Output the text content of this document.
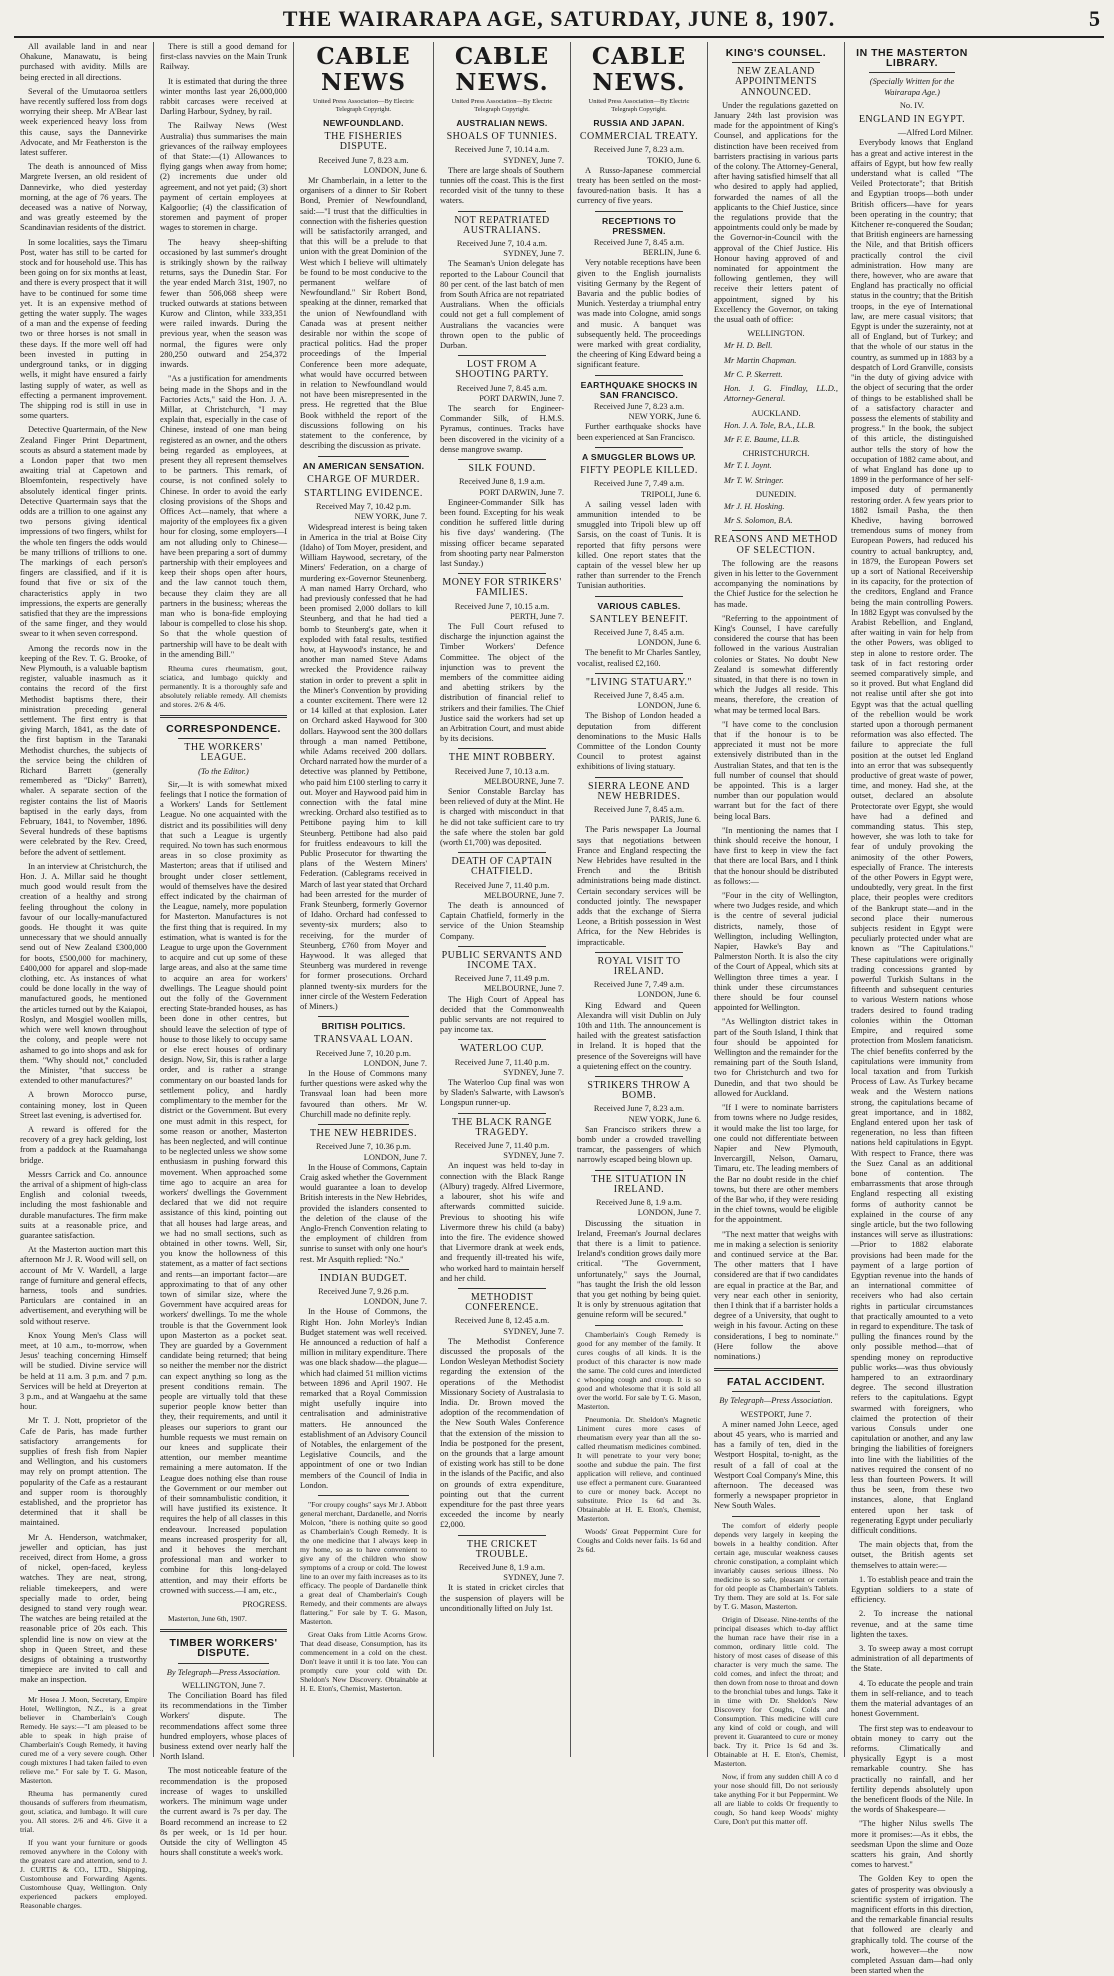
THE WAIRARAPA AGE, SATURDAY, JUNE 8, 1907.	5

All available land in and near Ohakune, Manawatu, is being purchased with avidity. Mills are being erected in all directions.

Several of the Umutaoroa settlers have recently suffered loss from dogs worrying their sheep. Mr A'Bear last week experienced heavy loss from this cause, says the Dannevirke Advocate, and Mr Featherston is the latest sufferer.

The death is announced of Miss Margrete Iversen, an old resident of Dannevirke, who died yesterday morning, at the age of 76 years. The deceased was a native of Norway, and was greatly esteemed by the Scandinavian residents of the district.

In some localities, says the Timaru Post, water has still to be carted for stock and for household use. This has been going on for six months at least, and there is every prospect that it will have to be continued for some time yet. It is an expensive method of getting the water supply. The wages of a man and the expense of feeding two or three horses is not small in these days. If the more well off had been invested in putting in underground tanks, or in digging wells, it might have ensured a fairly lasting supply of water, as well as effecting a permanent improvement. The shipping rod is still in use in some quarters.

Detective Quartermain, of the New Zealand Finger Print Department, scouts as absurd a statement made by a London paper that two men awaiting trial at Capetown and Bloemfontein, respectively have absolutely identical finger prints. Detective Quartermain says that the odds are a trillion to one against any two persons giving identical impressions of two fingers, whilst for the whole ten fingers the odds would be many trillions of trillions to one. The markings of each person's fingers are classified, and if it is found that five or six of the characteristics apply in two impressions, the experts are generally satisfied that they are the impressions of the same finger, and they would swear to it when seven correspond.

Among the records now in the keeping of the Rev. T. G. Brooke, of New Plymouth, is a valuable baptism register, valuable inasmuch as it contains the record of the first Methodist baptisms there, their ministration preceding general settlement. The first entry is that giving March, 1841, as the date of the first baptism in the Taranaki Methodist churches, the subjects of the service being the children of Richard Barrett (generally remembered as "Dicky" Barrett), whaler. A separate section of the register contains the list of Maoris baptised in the early days, from February, 1841, to November, 1896. Several hundreds of these baptisms were celebrated by the Rev. Creed, before the advent of settlement.

In an interview at Christchurch, the Hon. J. A. Millar said he thought much good would result from the creation of a healthy and strong feeling throughout the colony in favour of our locally-manufactured goods. He thought it was quite unnecessary that we should annually send out of New Zealand £300,000 for boots, £500,000 for machinery, £400,000 for apparel and slop-made clothing, etc. As instances of what could be done locally in the way of manufactured goods, he mentioned the articles turned out by the Kaiapoi, Roslyn, and Mosgiel woollen mills, which were well known throughout the colony, and people were not ashamed to go into shops and ask for them. "Why should not," concluded the Minister, "that success be extended to other manufactures?"

A brown Morocco purse, containing money, lost in Queen Street last evening, is advertised for.

A reward is offered for the recovery of a grey hack gelding, lost from a paddock at the Ruamahanga bridge.

Messrs Carrick and Co. announce the arrival of a shipment of high-class English and colonial tweeds, including the most fashionable and durable manufactures. The firm make suits at a reasonable price, and guarantee satisfaction.

At the Masterton auction mart this afternoon Mr J. R. Wood will sell, on account of Mr V. Wardell, a large range of furniture and general effects, harness, tools and sundries. Particulars are contained in an advertisement, and everything will be sold without reserve.

Knox Young Men's Class will meet, at 10 a.m., to-morrow, when Jesus' teaching concerning Himself will be studied. Divine service will be held at 11 a.m. 3 p.m. and 7 p.m. Services will be held at Dreyerton at 3 p.m., and at Wangaehu at the same hour.

Mr T. J. Nott, proprietor of the Cafe de Paris, has made further satisfactory arrangements for supplies of fresh fish from Napier and Wellington, and his customers may rely on prompt attention. The popularity of the Cafe as a restaurant and supper room is thoroughly established, and the proprietor has determined that it shall be maintained.

Mr A. Henderson, watchmaker, jeweller and optician, has just received, direct from Home, a gross of nickel, open-faced, keyless watches. They are neat, strong, reliable timekeepers, and were specially made to order, being designed to stand very rough wear. The watches are being retailed at the reasonable price of 20s each. This splendid line is now on view at the shop in Queen Street, and these designs of obtaining a trustworthy timepiece are invited to call and make an inspection.

Mr Hosea J. Moon, Secretary, Empire Hotel, Wellington, N.Z., is a great believer in Chamberlain's Cough Remedy. He says:—"I am pleased to be able to speak in high praise of Chamberlain's Cough Remedy, it having cured me of a very severe cough. Other cough mixtures I had taken failed to even relieve me." For sale by T. G. Mason, Masterton.

Rheuma has permanently cured thousands of sufferers from rheumatism, gout, sciatica, and lumbago. It will cure you. All stores. 2/6 and 4/6. Give it a trial.

If you want your furniture or goods removed anywhere in the Colony with the greatest care and attention, send to J. J. CURTIS & CO., LTD., Shipping, Customhouse and Forwarding Agents. Customhouse Quay, Wellington. Only experienced packers employed. Reasonable charges.

There is still a good demand for first-class navvies on the Main Trunk Railway.

It is estimated that during the three winter months last year 26,000,000 rabbit carcases were received at Darling Harbour, Sydney, by rail.

The Railway News (West Australia) thus summarises the main grievances of the railway employees of that State:—(1) Allowances to flying gangs when away from home; (2) increments due under old agreement, and not yet paid; (3) short payment of certain employees at Kalgoorlie; (4) the classification of storemen and payment of proper wages to storemen in charge.

The heavy sheep-shifting occasioned by last summer's drought is strikingly shown by the railway returns, says the Dunedin Star. For the year ended March 31st, 1907, no fewer than 506,068 sheep were trucked outwards at stations between Kurow and Clinton, while 333,351 were railed inwards. During the previous year, when the season was normal, the figures were only 280,250 outward and 254,372 inwards.

"As a justification for amendments being made in the Shops and in the Factories Acts," said the Hon. J. A. Millar, at Christchurch, "I may explain that, especially in the case of Chinese, instead of one man being registered as an owner, and the others being regarded as employees, at present they all represent themselves to be partners. This remark, of course, is not confined solely to Chinese. In order to avoid the early closing provisions of the Shops and Offices Act—namely, that where a majority of the employees fix a given hour for closing, some employers—I am not alluding only to Chinese—have been preparing a sort of dummy partnership with their employees and keep their shops open after hours, and the law cannot touch them, because they claim they are all partners in the business; whereas the man who is bona-fide employing labour is compelled to close his shop. So that the whole question of partnership will have to be dealt with in the amending Bill."

Rheuma cures rheumatism, gout, sciatica, and lumbago quickly and permanently. It is a thoroughly safe and absolutely reliable remedy. All chemists and stores. 2/6 & 4/6.

CORRESPONDENCE.
THE WORKERS' LEAGUE.
(To the Editor.)

Sir,—It is with somewhat mixed feelings that I notice the formation of a Workers' Lands for Settlement League. No one acquainted with the district and its possibilities will deny that such a League is urgently required. No town has such enormous areas in so close proximity as Masterton; areas that if utilised and brought under closer settlement, would of themselves have the desired effect indicated by the chairman of the League, namely, more population for Masterton. Manufactures is not the first thing that is required. In my estimation, what is wanted is for the League to urge upon the Government to acquire and cut up some of these large areas, and also at the same time to acquire an area for workers' dwellings. The League should point out the folly of the Government erecting State-branded houses, as has been done in other centres, but should leave the selection of type of house to those likely to occupy same or else erect houses of ordinary design. Now, Sir, this is rather a large order, and is rather a strange commentary on our boasted lands for settlement policy, and hardly complimentary to the member for the district or the Government. But every one must admit in this respect, for some reason or another, Masterton has been neglected, and will continue to be neglected unless we show some enthusiasm in pushing forward this movement. When approached some time ago to acquire an area for workers' dwellings the Government declared that we did not require assistance of this kind, pointing out that all houses had large areas, and we had no small sections, such as obtained in other towns. Well, Sir, you know the hollowness of this statement, as a matter of fact sections and rents—an important factor—are approximating to that of any other town of similar size, where the Government have acquired areas for workers' dwellings. To me the whole trouble is that the Government look upon Masterton as a pocket seat. They are guarded by a Government candidate being returned; that being so neither the member nor the district can expect anything so long as the present conditions remain. The people are virtually told that these superior people know better than they, their requirements, and until it pleases our superiors to grant our humble requests we must remain on our knees and supplicate their attention, our member meantime remaining a mere automaton. If the League does nothing else than rouse the Government or our member out of their somnambulistic condition, it will have justified its existence. It requires the help of all classes in this endeavour. Increased population means increased prosperity for all, and it behoves the merchant professional man and worker to combine for this long-delayed attention, and may their efforts be crowned with success.—I am, etc.,

PROGRESS.

Masterton, June 6th, 1907.

TIMBER WORKERS' DISPUTE.
By Telegraph—Press Association.
WELLINGTON, June 7.

The Conciliation Board has filed its recommendations in the Timber Workers' dispute. The recommendations affect some three hundred employers, whose places of business extend over nearly half the North Island.

The most noticeable feature of the recommendation is the proposed increase of wages to unskilled workers. The minimum wage under the current award is 7s per day. The Board recommend an increase to £2 8s per week, or 1s 1d per hour. Outside the city of Wellington 45 hours shall constitute a week's work.

CABLE NEWS
United Press Association—By Electric Telegraph Copyright.
NEWFOUNDLAND.
THE FISHERIES DISPUTE.
Received June 7, 8.23 a.m.
LONDON, June 6.

Mr Chamberlain, in a letter to the organisers of a dinner to Sir Robert Bond, Premier of Newfoundland, said:—"I trust that the difficulties in connection with the fisheries question will be satisfactorily arranged, and that this will be a prelude to that union with the great Dominion of the West which I believe will ultimately be found to be most conducive to the permanent welfare of Newfoundland." Sir Robert Bond, speaking at the dinner, remarked that the union of Newfoundland with Canada was at present neither desirable nor within the scope of practical politics. Had the proper proceedings of the Imperial Conference been more adequate, what would have occurred between in relation to Newfoundland would not have been misrepresented in the press. He regretted that the Blue Book withheld the report of the discussions following on his statement to the conference, by describing the discussion as private.

AN AMERICAN SENSATION.
CHARGE OF MURDER.
STARTLING EVIDENCE.
Received May 7, 10.42 p.m.
NEW YORK, June 7.

Widespread interest is being taken in America in the trial at Boise City (Idaho) of Tom Moyer, president, and William Haywood, secretary, of the Miners' Federation, on a charge of murdering ex-Governor Steunenberg. A man named Harry Orchard, who had previously confessed that he had been promised 2,000 dollars to kill Steunberg, and that he had tied a bomb to Steunberg's gate, when it exploded with fatal results, testified how, at Haywood's instance, he and another man named Steve Adams wrecked the Providence railway station in order to prevent a split in the Miner's Convention by providing a counter excitement. There were 12 or 14 killed at that explosion. Later on Orchard asked Haywood for 300 dollars. Haywood sent the 300 dollars through a man named Pettibone, while Adams received 200 dollars. Orchard narrated how the murder of a detective was planned by Pettibone, who paid him £100 sterling to carry it out. Moyer and Haywood paid him in connection with the fatal mine wrecking. Orchard also testified as to Pettibone paying him to kill Steunberg. Pettibone had also paid for fruitless endeavours to kill the Public Prosecutor for thwarting the plans of the Western Miners' Federation. (Cablegrams received in March of last year stated that Orchard had been arrested for the murder of Frank Steunberg, formerly Governor of Idaho. Orchard had confessed to seventy-six murders; also to receiving, for the murder of Steunberg, £760 from Moyer and Haywood. It was alleged that Steunberg was murdered in revenge for former prosecutions. Orchard planned twenty-six murders for the inner circle of the Western Federation of Miners.)

BRITISH POLITICS.
TRANSVAAL LOAN.
Received June 7, 10.20 p.m.
LONDON, June 7.

In the House of Commons many further questions were asked why the Transvaal loan had been more favoured than others. Mr W. Churchill made no definite reply.

THE NEW HEBRIDES.
Received June 7, 10.36 p.m.
LONDON, June 7.

In the House of Commons, Captain Craig asked whether the Government would guarantee a loan to develop British interests in the New Hebrides, provided the islanders consented to the deletion of the clause of the Anglo-French Convention relating to the employment of children from sunrise to sunset with only one hour's rest. Mr Asquith replied: "No."

INDIAN BUDGET.
Received June 7, 9.26 p.m.
LONDON, June 7.

In the House of Commons, the Right Hon. John Morley's Indian Budget statement was well received. He announced a reduction of half a million in military expenditure. There was one black shadow—the plague—which had claimed 51 million victims between 1896 and April 1907. He remarked that a Royal Commission might usefully inquire into centralisation and administrative matters. He announced the establishment of an Advisory Council of Notables, the enlargement of the Legislative Councils, and the appointment of one or two Indian members of the Council of India in London.

"For croupy coughs" says Mr J. Abbott general merchant, Dardanelle, and Norris Molcon, "there is nothing quite so good as Chamberlain's Cough Remedy. It is the one medicine that I always keep in my home, so as to have convenient to give any of the children who show symptoms of a croup or cold. The lowest line to an over my faith increases as to its efficacy. The people of Dardanelle think a great deal of Chamberlain's Cough Remedy, and their comments are always flattering." For sale by T. G. Mason, Masterton.

Great Oaks from Little Acorns Grow. That dead disease, Consumption, has its commencement in a cold on the chest. Don't leave it until it is too late. You can promptly cure your cold with Dr. Sheldon's New Discovery. Obtainable at H. E. Eton's, Chemist, Masterton.

CABLE NEWS.
United Press Association—By Electric Telegraph Copyright.
AUSTRALIAN NEWS.
SHOALS OF TUNNIES.
Received June 7, 10.14 a.m.
SYDNEY, June 7.

There are large shoals of Southern tunnies off the coast. This is the first recorded visit of the tunny to these waters.

NOT REPATRIATED AUSTRALIANS.
Received June 7, 10.4 a.m.
SYDNEY, June 7.

The Seaman's Union delegate has reported to the Labour Council that 80 per cent. of the last batch of men from South Africa are not repatriated Australians. When the officials could not get a full complement of Australians the vacancies were thrown open to the public of Durban.

LOST FROM A SHOOTING PARTY.
Received June 7, 8.45 a.m.
PORT DARWIN, June 7.

The search for Engineer-Commander Silk, of H.M.S. Pyramus, continues. Tracks have been discovered in the vicinity of a dense mangrove swamp.

SILK FOUND.
Received June 8, 1.9 a.m.
PORT DARWIN, June 7.

Engineer-Commander Silk has been found. Excepting for his weak condition he suffered little during his five days' wandering. (The missing officer became separated from shooting party near Palmerston last Sunday.)

MONEY FOR STRIKERS' FAMILIES.
Received June 7, 10.15 a.m.
PERTH, June 7.

The Full Court refused to discharge the injunction against the Timber Workers' Defence Committee. The object of the injunction was to prevent the members of the committee aiding and abetting strikers by the distribution of financial relief to strikers and their families. The Chief Justice said the workers had set up an Arbitration Court, and must abide by its decisions.

THE MINT ROBBERY.
Received June 7, 10.13 a.m.
MELBOURNE, June 7.

Senior Constable Barclay has been relieved of duty at the Mint. He is charged with misconduct in that he did not take sufficient care to try the safe where the stolen bar gold (worth £1,700) was deposited.

DEATH OF CAPTAIN CHATFIELD.
Received June 7, 11.40 p.m.
MELBOURNE, June 7.

The death is announced of Captain Chatfield, formerly in the service of the Union Steamship Company.

PUBLIC SERVANTS AND INCOME TAX.
Received June 7, 11.49 p.m.
MELBOURNE, June 7.

The High Court of Appeal has decided that the Commonwealth public servants are not required to pay income tax.

WATERLOO CUP.
Received June 7, 11.40 p.m.
SYDNEY, June 7.

The Waterloo Cup final was won by Sladen's Salwarte, with Lawson's Longspun runner-up.

THE BLACK RANGE TRAGEDY.
Received June 7, 11.40 p.m.
SYDNEY, June 7.

An inquest was held to-day in connection with the Black Range (Albury) tragedy. Alfred Livermore, a labourer, shot his wife and afterwards committed suicide. Previous to shooting his wife Livermore threw his child (a baby) into the fire. The evidence showed that Livermore drank at week ends, and frequently ill-treated his wife, who worked hard to maintain herself and her child.

METHODIST CONFERENCE.
Received June 8, 12.45 a.m.
SYDNEY, June 7.

The Methodist Conference discussed the proposals of the London Wesleyan Methodist Society regarding the extension of the operations of the Methodist Missionary Society of Australasia to India. Dr. Brown moved the adoption of the recommendation of the New South Wales Conference that the extension of the mission to India be postponed for the present, on the grounds that a large amount of existing work has still to be done in the islands of the Pacific, and also on grounds of extra expenditure, pointing out that the current expenditure for the past three years exceeded the income by nearly £2,000.

THE CRICKET TROUBLE.
Received June 8, 1.9 a.m.
SYDNEY, June 7.

It is stated in cricket circles that the suspension of players will be unconditionally lifted on July 1st.

CABLE NEWS.
United Press Association—By Electric Telegraph Copyright.
RUSSIA AND JAPAN.
COMMERCIAL TREATY.
Received June 7, 8.23 a.m.
TOKIO, June 6.

A Russo-Japanese commercial treaty has been settled on the most-favoured-nation basis. It has a currency of five years.

RECEPTIONS TO PRESSMEN.
Received June 7, 8.45 a.m.
BERLIN, June 6.

Very notable receptions have been given to the English journalists visiting Germany by the Regent of Bavaria and the public bodies of Munich. Yesterday a triumphal entry was made into Cologne, amid songs and music. A banquet was subsequently held. The proceedings were marked with great cordiality, the cheering of King Edward being a significant feature.

EARTHQUAKE SHOCKS IN SAN FRANCISCO.
Received June 7, 8.23 a.m.
NEW YORK, June 6.

Further earthquake shocks have been experienced at San Francisco.

A SMUGGLER BLOWS UP.
FIFTY PEOPLE KILLED.
Received June 7, 7.49 a.m.
TRIPOLI, June 6.

A sailing vessel laden with ammunition intended to be smuggled into Tripoli blew up off Sarsis, on the coast of Tunis. It is reported that fifty persons were killed. One report states that the captain of the vessel blew her up rather than surrender to the French Tunisian authorities.

VARIOUS CABLES.
SANTLEY BENEFIT.
Received June 7, 8.45 a.m.
LONDON, June 6.

The benefit to Mr Charles Santley, vocalist, realised £2,160.

"LIVING STATUARY."
Received June 7, 8.45 a.m.
LONDON, June 6.

The Bishop of London headed a deputation from different denominations to the Music Halls Committee of the London County Council to protest against exhibitions of living statuary.

SIERRA LEONE AND NEW HEBRIDES.
Received June 7, 8.45 a.m.
PARIS, June 6.

The Paris newspaper La Journal says that negotiations between France and England respecting the New Hebrides have resulted in the French and the British administrations being made distinct. Certain secondary services will be conducted jointly. The newspaper adds that the exchange of Sierra Leone, a British possession in West Africa, for the New Hebrides is impracticable.

ROYAL VISIT TO IRELAND.
Received June 7, 7.49 a.m.
LONDON, June 6.

King Edward and Queen Alexandra will visit Dublin on July 10th and 11th. The announcement is hailed with the greatest satisfaction in Ireland. It is hoped that the presence of the Sovereigns will have a quietening effect on the country.

STRIKERS THROW A BOMB.
Received June 7, 8.23 a.m.
NEW YORK, June 6.

San Francisco strikers threw a bomb under a crowded travelling tramcar, the passengers of which narrowly escaped being blown up.

THE SITUATION IN IRELAND.
Received June 8, 1.9 a.m.
LONDON, June 7.

Discussing the situation in Ireland, Freeman's Journal declares that there is a limit to patience. Ireland's condition grows daily more critical. "The Government, unfortunately," says the Journal, "has taught the Irish the old lesson that you get nothing by being quiet. It is only by strenuous agitation that genuine reform will be secured."

Chamberlain's Cough Remedy is good for any member of the family. It cures coughs of all kinds. It is the product of this character is now made the same. The cold cures and interdicted c whooping cough and croup. It is so good and wholesome that it is sold all over the world. For sale by T. G. Mason, Masterton.

Pneumonia. Dr. Sheldon's Magnetic Liniment cures more cases of rheumatism every year than all the so-called rheumatism medicines combined. It will penetrate to your very bone; soothe and subdue the pain. The first application will relieve, and continued use effect a permanent cure. Guaranteed to cure or money back. Accept no substitute. Price 1s 6d and 3s. Obtainable at H. E. Eton's, Chemist, Masterton.

Woods' Great Peppermint Cure for Coughs and Colds never fails. 1s 6d and 2s 6d.

KING'S COUNSEL.
NEW ZEALAND APPOINTMENTS ANNOUNCED.

Under the regulations gazetted on January 24th last provision was made for the appointment of King's Counsel, and applications for the distinction have been received from barristers practising in various parts of the colony. The Attorney-General, after having satisfied himself that all who desired to apply had applied, forwarded the names of all the applicants to the Chief Justice, since the regulations provide that the appointments could only be made by the Governor-in-Council with the approval of the Chief Justice. His Honour having approved of and nominated for appointment the following gentlemen, they will receive their letters patent of appointment, signed by his Excellency the Governor, on taking the usual oath of office:

WELLINGTON.
Mr H. D. Bell.
Mr Martin Chapman.
Mr C. P. Skerrett.
Hon. J. G. Findlay, LL.D., Attorney-General.
AUCKLAND.
Hon. J. A. Tole, B.A., LL.B.
Mr F. E. Baume, LL.B.
CHRISTCHURCH.
Mr T. I. Joynt.
Mr T. W. Stringer.
DUNEDIN.
Mr J. H. Hosking.
Mr S. Solomon, B.A.
REASONS AND METHOD OF SELECTION.

The following are the reasons given in his letter to the Government accompanying the nominations by the Chief Justice for the selection he has made.

"Referring to the appointment of King's Counsel, I have carefully considered the course that has been followed in the various Australian colonies or States. No doubt New Zealand is somewhat differently situated, in that there is no town in which the Judges all reside. This means, therefore, the creation of what may be termed local Bars.

"I have come to the conclusion that if the honour is to be appreciated it must not be more extensively distributed than in the Australian States, and that ten is the full number of counsel that should be appointed. This is a larger number than our population would warrant but for the fact of there being local Bars.

"In mentioning the names that I think should receive the honour, I have first to keep in view the fact that there are local Bars, and I think that the honour should be distributed as follows:—

"Four in the city of Wellington, where two Judges reside, and which is the centre of several judicial districts, namely, those of Wellington, including Wellington, Napier, Hawke's Bay and Palmerston North. It is also the city of the Court of Appeal, which sits at Wellington three times a year. I think under these circumstances there should be four counsel appointed for Wellington.

"As Wellington district takes in part of the South Island, I think that four should be appointed for Wellington and the remainder for the remaining part of the South Island, two for Christchurch and two for Dunedin, and that two should be allowed for Auckland.

"If I were to nominate barristers from towns where no Judge resides, it would make the list too large, for one could not differentiate between Napier and New Plymouth, Invercargill, Nelson, Oamaru, Timaru, etc. The leading members of the Bar no doubt reside in the chief towns, but there are other members of the Bar who, if they were residing in the chief towns, would be eligible for the appointment.

"The next matter that weighs with me in making a selection is seniority and continued service at the Bar. The other matters that I have considered are that if two candidates are equal in practice at the Bar, and very near each other in seniority, then I think that if a barrister holds a degree of a University, that ought to weigh in his favour. Acting on these considerations, I beg to nominate." (Here follow the above nominations.)

FATAL ACCIDENT.
By Telegraph—Press Association.
WESTPORT, June 7.

A miner named John Leece, aged about 45 years, who is married and has a family of ten, died in the Westport Hospital, to-night, as the result of a fall of coal at the Westport Coal Company's Mine, this afternoon. The deceased was formerly a newspaper proprietor in New South Wales.

The comfort of elderly people depends very largely in keeping the bowels in a healthy condition. After certain age, muscular weakness causes chronic constipation, a complaint which invariably causes serious illness. No medicine is so safe, pleasant or certain for old people as Chamberlain's Tablets. Try them. They are sold at 1s. For sale by T. G. Mason, Masterton.

Origin of Disease. Nine-tenths of the principal diseases which to-day afflict the human race have their rise in a common, ordinary little cold. The history of most cases of disease of this character is very much the same. The cold comes, and infect the throat; and then down from nose to throat and down to the bronchial tubes and lungs. Take it in time with Dr. Sheldon's New Discovery for Coughs, Colds and Consumption. This medicine will cure any kind of cold or cough, and will prevent it. Guaranteed to cure or money back. Try it. Price 1s 6d and 3s. Obtainable at H. E. Eton's, Chemist, Masterton.

Now, if from any sudden chill A co d your nose should fill, Do not seriously take anything For it but Peppermint. We all are liable to colds Or frequently to cough, So hand keep Woods' mighty Cure, Don't put this matter off.

IN THE MASTERTON LIBRARY.
(Specially Written for the Wairarapa Age.)
No. IV.
ENGLAND IN EGYPT.
—Alfred Lord Milner.

Everybody knows that England has a great and active interest in the affairs of Egypt, but how few really understand what is called "The Veiled Protectorate"; that British and Egyptian troops—both under British officers—have for years been operating in the country; that Kitchener re-conquered the Soudan; that British engineers are harnessing the Nile, and that British officers practically control the civil administration. How many are there, however, who are aware that England has practically no official status in the country; that the British troops, in the eye of International law, are mere casual visitors; that Egypt is under the suzerainty, not at all of England, but of Turkey; and that the whole of our status in the country, as summed up in 1883 by a despatch of Lord Granville, consists "in the duty of giving advice with the object of securing that the order of things to be established shall be of a satisfactory character and possess the elements of stability and progress." In the book, the subject of this article, the distinguished author tells the story of how the occupation of 1882 came about, and of what England has done up to 1899 in the performance of her self-imposed duty of permanently restoring order. A few years prior to 1882 Ismail Pasha, the then Khedive, having borrowed tremendous sums of money from European Powers, had reduced his country to actual bankruptcy, and, in 1879, the European Powers set up a sort of National Receivership in its capacity, for the protection of the creditors, England and France being the main controlling Powers. In 1882 Egypt was convulsed by the Arabist Rebellion, and England, after waiting in vain for help from the other Powers, was obliged to step in alone to restore order. The task of in fact restoring order seemed comparatively simple, and so it proved. But what England did not realise until after she got into Egypt was that the actual quelling of the rebellion would be work started upon a thorough permanent reformation was also effected. The failure to appreciate the full position at the outset led England into an error that was subsequently productive of great waste of power, time, and money. Had she, at the outset, declared an absolute Protectorate over Egypt, she would have had a defined and commanding status. This step, however, she was loth to take for fear of unduly provoking the animosity of the other Powers, especially of France. The interests of the other Powers in Egypt were, undoubtedly, very great. In the first place, their peoples were creditors of the Bankrupt state—and in the second place their numerous subjects resident in Egypt were peculiarly protected under what are known as "The Capitulations." These capitulations were originally trading concessions granted by powerful Turkish Sultans in the fifteenth and subsequent centuries to various Western nations whose traders desired to found trading colonies within the Ottoman Empire, and required some protection from Moslem fanaticism. The chief benefits conferred by the capitulations were immunity from local taxation and from Turkish Process of Law. As Turkey became weak and the Western nations strong, the capitulations became of great importance, and in 1882, England entered upon her task of regeneration, no less than fifteen nations held capitulations in Egypt. With respect to France, there was the Suez Canal as an additional bone of contention. The embarrassments that arose through England respecting all existing forms of authority cannot be explained in the course of any single article, but the two following instances will serve as illustrations:—Prior to 1882 elaborate provisions had been made for the payment of a large portion of Egyptian revenue into the hands of an international committee of receivers who had also certain rights in particular circumstances that practically amounted to a veto in regard to expenditure. The task of pulling the finances round by the only possible method—that of spending money on reproductive public works—was thus obviously hampered to an extraordinary degree. The second illustration refers to the capitulations. Egypt swarmed with foreigners, who claimed the protection of their various Consuls under one capitulation or another, and any law bringing the liabilities of foreigners into line with the liabilities of the natives required the consent of no less than fourteen Powers. It will thus be seen, from these two instances, alone, that England entered upon her task of regenerating Egypt under peculiarly difficult conditions.

The main objects that, from the outset, the British agents set themselves to attain were:—

1. To establish peace and train the Egyptian soldiers to a state of efficiency.

2. To increase the national revenue, and at the same time lighten the taxes.

3. To sweep away a most corrupt administration of all departments of the State.

4. To educate the people and train them in self-reliance, and to teach them the material advantages of an honest Government.

The first step was to endeavour to obtain money to carry out the reforms. Climatically and physically Egypt is a most remarkable country. She has practically no rainfall, and her fertility depends absolutely upon the beneficent floods of the Nile. In the words of Shakespeare—

"The higher Nilus swells The more it promises:—As it ebbs, the seedsman Upon the slime and Ooze scatters his grain, And shortly comes to harvest."

The Golden Key to open the gates of prosperity was obviously a scientific system of irrigation. The magnificent efforts in this direction, and the remarkable financial results that followed are clearly and graphically told. The course of the work, however—the now completed Assuan dam—had only been started when the
